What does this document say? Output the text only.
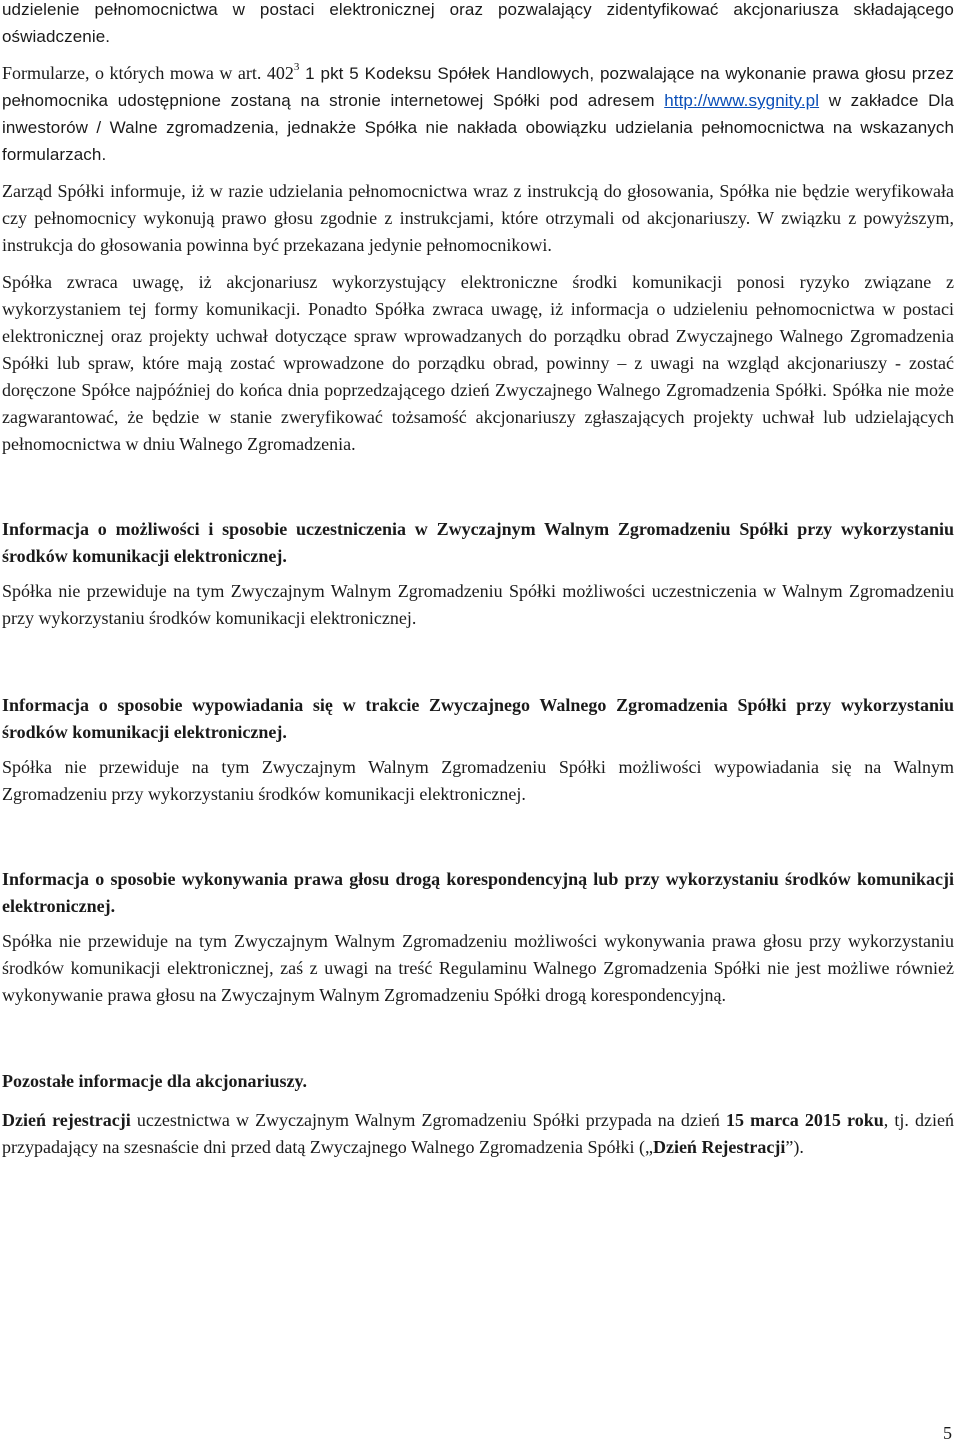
udzielenie pełnomocnictwa w postaci elektronicznej oraz pozwalający zidentyfikować akcjonariusza składającego oświadczenie.

Formularze, o których mowa w art. $402^3$ 1 pkt 5 Kodeksu Spółek Handlowych, pozwalające na wykonanie prawa głosu przez pełnomocnika udostępnione zostaną na stronie internetowej Spółki pod adresem http://www.sygnity.pl w zakładce Dla inwestorów / Walne zgromadzenia, jednakże Spółka nie nakłada obowiązku udzielania pełnomocnictwa na wskazanych formularzach.

Zarząd Spółki informuje, iż w razie udzielania pełnomocnictwa wraz z instrukcją do głosowania, Spółka nie będzie weryfikowała czy pełnomocnicy wykonują prawo głosu zgodnie z instrukcjami, które otrzymali od akcjonariuszy. W związku z powyższym, instrukcja do głosowania powinna być przekazana jedynie pełnomocnikowi.

Spółka zwraca uwagę, iż akcjonariusz wykorzystujący elektroniczne środki komunikacji ponosi ryzyko związane z wykorzystaniem tej formy komunikacji. Ponadto Spółka zwraca uwagę, iż informacja o udzieleniu pełnomocnictwa w postaci elektronicznej oraz projekty uchwał dotyczące spraw wprowadzanych do porządku obrad Zwyczajnego Walnego Zgromadzenia Spółki lub spraw, które mają zostać wprowadzone do porządku obrad, powinny – z uwagi na wzgląd akcjonariuszy - zostać doręczone Spółce najpóźniej do końca dnia poprzedzającego dzień Zwyczajnego Walnego Zgromadzenia Spółki. Spółka nie może zagwarantować, że będzie w stanie zweryfikować tożsamość akcjonariuszy zgłaszających projekty uchwał lub udzielających pełnomocnictwa w dniu Walnego Zgromadzenia.

Informacja o możliwości i sposobie uczestniczenia w Zwyczajnym Walnym Zgromadzeniu Spółki przy wykorzystaniu środków komunikacji elektronicznej.

Spółka nie przewiduje na tym Zwyczajnym Walnym Zgromadzeniu Spółki możliwości uczestniczenia w Walnym Zgromadzeniu przy wykorzystaniu środków komunikacji elektronicznej.

Informacja o sposobie wypowiadania się w trakcie Zwyczajnego Walnego Zgromadzenia Spółki przy wykorzystaniu środków komunikacji elektronicznej.

Spółka nie przewiduje na tym Zwyczajnym Walnym Zgromadzeniu Spółki możliwości wypowiadania się na Walnym Zgromadzeniu przy wykorzystaniu środków komunikacji elektronicznej.

Informacja o sposobie wykonywania prawa głosu drogą korespondencyjną lub przy wykorzystaniu środków komunikacji elektronicznej.

Spółka nie przewiduje na tym Zwyczajnym Walnym Zgromadzeniu możliwości wykonywania prawa głosu przy wykorzystaniu środków komunikacji elektronicznej, zaś z uwagi na treść Regulaminu Walnego Zgromadzenia Spółki nie jest możliwe również wykonywanie prawa głosu na Zwyczajnym Walnym Zgromadzeniu Spółki drogą korespondencyjną.

Pozostałe informacje dla akcjonariuszy.

Dzień rejestracji uczestnictwa w Zwyczajnym Walnym Zgromadzeniu Spółki przypada na dzień 15 marca 2015 roku, tj. dzień przypadający na szesnaście dni przed datą Zwyczajnego Walnego Zgromadzenia Spółki („Dzień Rejestracji”).

5
